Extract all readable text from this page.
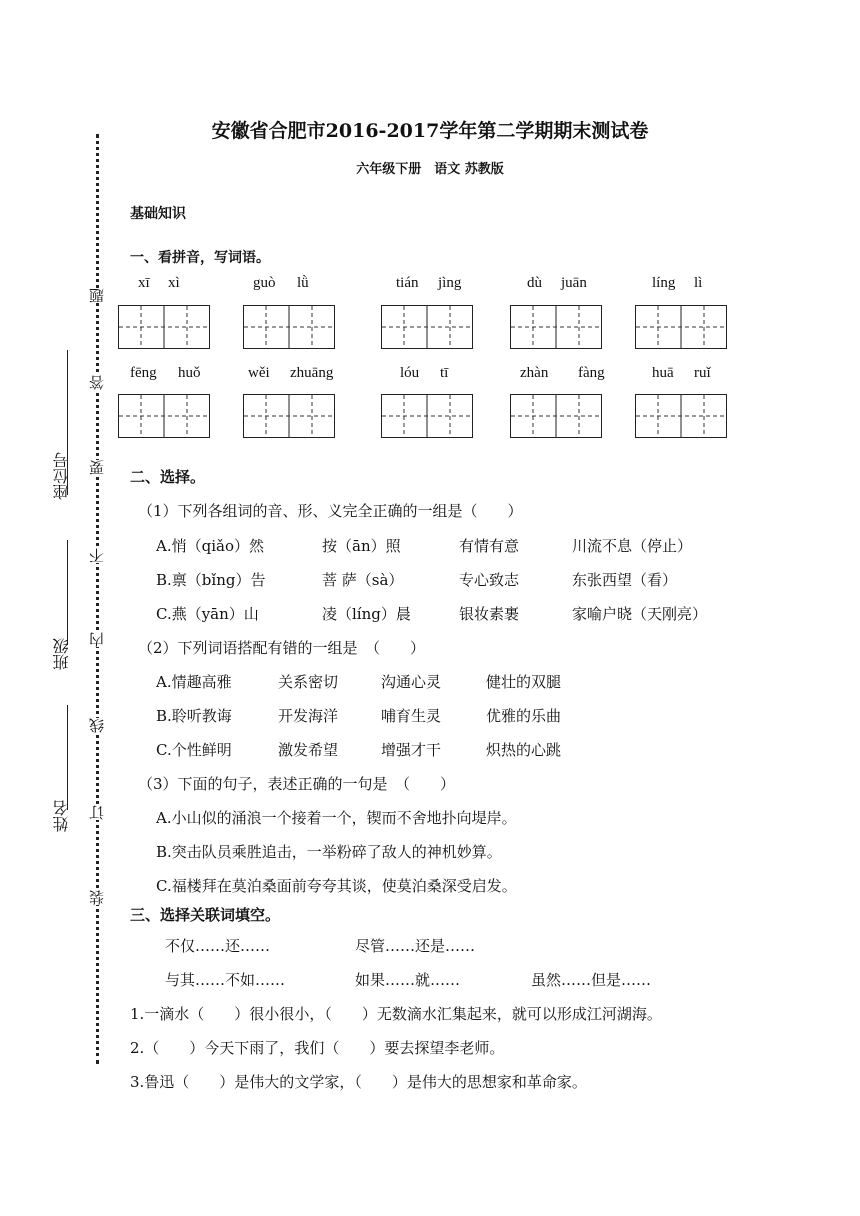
座位号
班级
姓名
题
答
要
不
内
线
订
装
安徽省合肥市2016-2017学年第二学期期末测试卷
六年级下册　语文 苏教版
基础知识
一、看拼音，写词语。
xī xì	guò lǜ	tián jìng	dù juān	líng lì
fēng huǒ	wěi zhuāng	lóu tī	zhàn fàng	huā ruǐ
二、选择。
（1）下列各组词的音、形、义完全正确的一组是（　　）
A.悄（qiǎo）然	按（ān）照	有情有意	川流不息（停止）
B.禀（bǐng）告	菩 萨（sà）	专心致志	东张西望（看）
C.燕（yān）山	凌（líng）晨	银妆素裹	家喻户晓（天刚亮）
（2）下列词语搭配有错的一组是　（　　）
A.情趣高雅	关系密切	沟通心灵	健壮的双腿
B.聆听教诲	开发海洋	哺育生灵	优雅的乐曲
C.个性鲜明	激发希望	增强才干	炽热的心跳
（3）下面的句子，表述正确的一句是　（　　）
A.小山似的涌浪一个接着一个，锲而不舍地扑向堤岸。
B.突击队员乘胜追击，一举粉碎了敌人的神机妙算。
C.福楼拜在莫泊桑面前夸夸其谈，使莫泊桑深受启发。
三、选择关联词填空。
不仅……还……	尽管……还是……
与其……不如……	如果……就……	虽然……但是……
1.一滴水（　　）很小很小，（　　）无数滴水汇集起来，就可以形成江河湖海。
2.（　　）今天下雨了，我们（　　）要去探望李老师。
3.鲁迅（　　）是伟大的文学家，（　　）是伟大的思想家和革命家。
